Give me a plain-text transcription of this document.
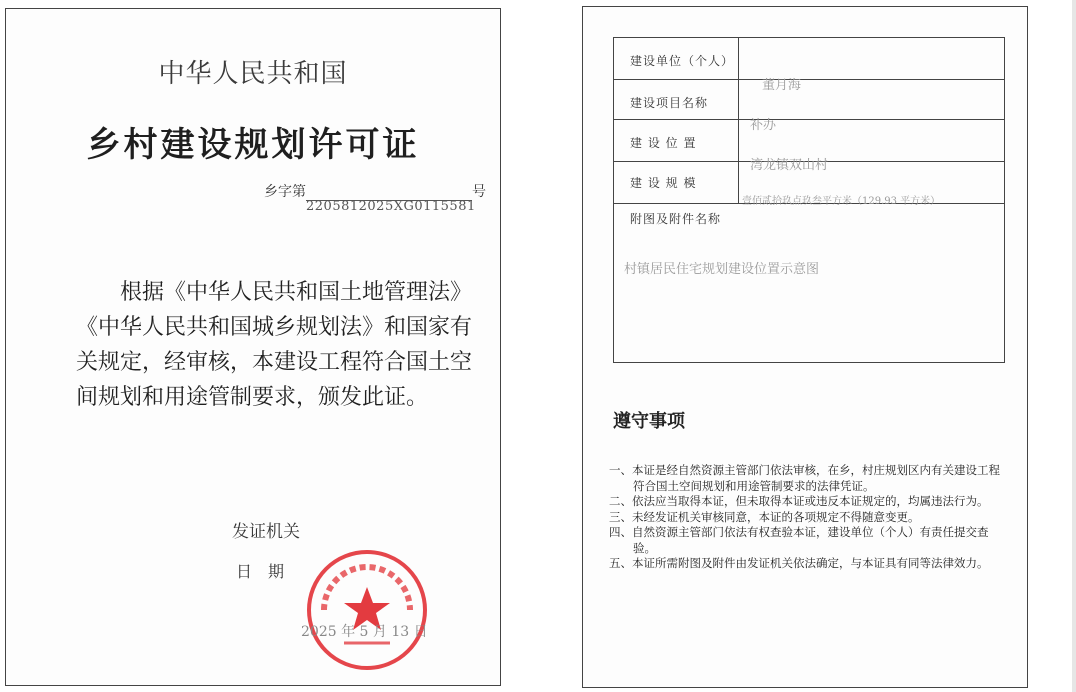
中华人民共和国
乡村建设规划许可证
乡字第	号
2205812025XG0115581
根据《中华人民共和国土地管理法》《中华人民共和国城乡规划法》和国家有关规定，经审核，本建设工程符合国土空间规划和用途管制要求，颁发此证。
发证机关
日　期
2025 年 5 月 13 日
建设单位（个人）
董月海
建设项目名称
补办
建 设 位 置
湾龙镇双山村
建 设 规 模
壹佰贰拾玖点玖叁平方米（129.93 平方米）
附图及附件名称
村镇居民住宅规划建设位置示意图
遵守事项

一、本证是经自然资源主管部门依法审核，在乡，村庄规划区内有关建设工程符合国土空间规划和用途管制要求的法律凭证。

二、依法应当取得本证，但未取得本证或违反本证规定的，均属违法行为。

三、未经发证机关审核同意，本证的各项规定不得随意变更。

四、自然资源主管部门依法有权查验本证，建设单位（个人）有责任提交查验。

五、本证所需附图及附件由发证机关依法确定，与本证具有同等法律效力。
